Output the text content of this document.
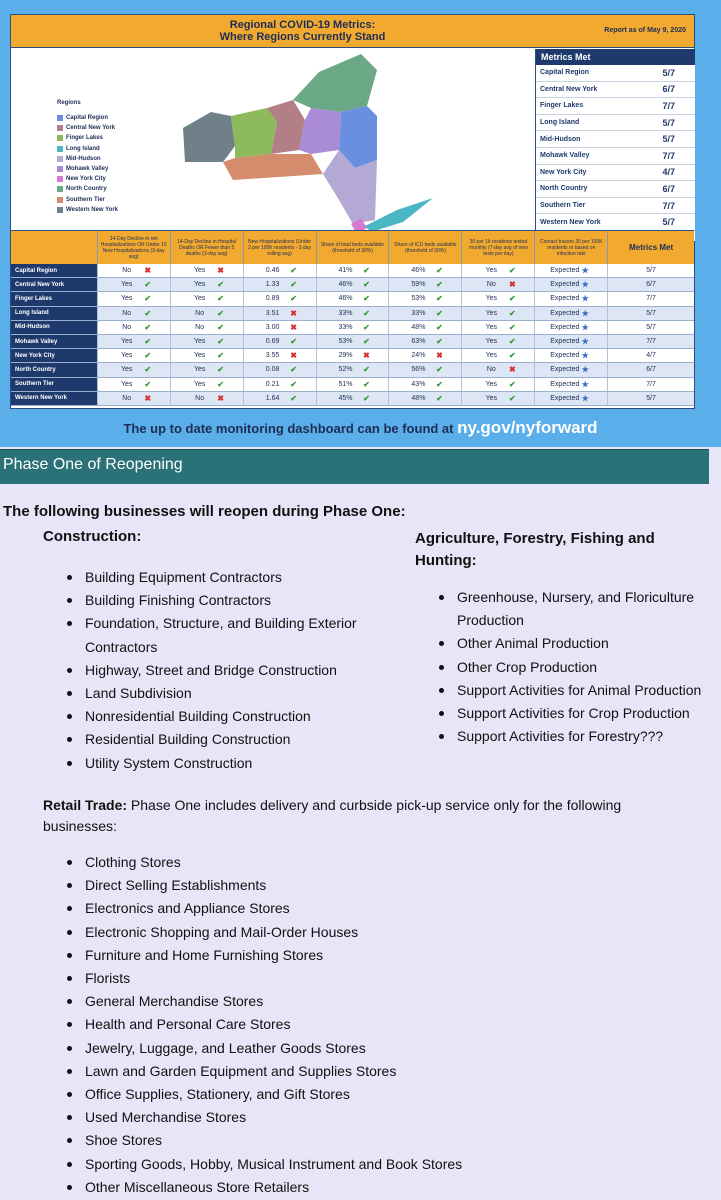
Regional COVID-19 Metrics:
Where Regions Currently Stand
Report as of May 9, 2020
Regions
Capital Region
Central New York
Finger Lakes
Long Island
Mid-Hudson
Mohawk Valley
New York City
North Country
Southern Tier
Western New York
Metrics Met
Capital Region	5/7
Central New York	6/7
Finger Lakes	7/7
Long Island	5/7
Mid-Hudson	5/7
Mohawk Valley	7/7
New York City	4/7
North Country	6/7
Southern Tier	7/7
Western New York	5/7
14-Day Decline in net Hospitalizations OR Under 15 New Hospitalizations (3-day avg)
14-Day Decline in Hospital Deaths OR Fewer than 5 deaths (3-day avg)
New Hospitalizations (Under 2 per 100K residents - 3 day rolling avg)
Share of total beds available (threshold of 30%)
Share of ICU beds available (threshold of 30%)
30 per 1k residents tested monthly (7-day avg of new tests per day)
Contact tracers 30 per 100K residents or based on infection rate
Metrics Met
Capital Region	No	✖	Yes	✖	0.46	✔	41%	✔	46%	✔	Yes	✔	Expected ★	5/7
Central New York	Yes	✔	Yes	✔	1.33	✔	46%	✔	59%	✔	No	✖	Expected ★	6/7
Finger Lakes	Yes	✔	Yes	✔	0.89	✔	46%	✔	53%	✔	Yes	✔	Expected ★	7/7
Long Island	No	✔	No	✔	3.51	✖	33%	✔	33%	✔	Yes	✔	Expected ★	5/7
Mid-Hudson	No	✔	No	✔	3.00	✖	33%	✔	48%	✔	Yes	✔	Expected ★	5/7
Mohawk Valley	Yes	✔	Yes	✔	0.69	✔	53%	✔	63%	✔	Yes	✔	Expected ★	7/7
New York City	Yes	✔	Yes	✔	3.55	✖	29%	✖	24%	✖	Yes	✔	Expected ★	4/7
North Country	Yes	✔	Yes	✔	0.08	✔	52%	✔	56%	✔	No	✖	Expected ★	6/7
Southern Tier	Yes	✔	Yes	✔	0.21	✔	51%	✔	43%	✔	Yes	✔	Expected ★	7/7
Western New York	No	✖	No	✖	1.64	✔	45%	✔	48%	✔	Yes	✔	Expected ★	5/7
The up to date monitoring dashboard can be found at ny.gov/nyforward
Phase One of Reopening
The following businesses will reopen during Phase One:
Construction:
Building Equipment Contractors
Building Finishing Contractors
Foundation, Structure, and Building Exterior Contractors
Highway, Street and Bridge Construction
Land Subdivision
Nonresidential Building Construction
Residential Building Construction
Utility System Construction
Agriculture, Forestry, Fishing and Hunting:
Greenhouse, Nursery, and Floriculture Production
Other Animal Production
Other Crop Production
Support Activities for Animal Production
Support Activities for Crop Production
Support Activities for Forestry???
Retail Trade: Phase One includes delivery and curbside pick-up service only for the following businesses:
Clothing Stores
Direct Selling Establishments
Electronics and Appliance Stores
Electronic Shopping and Mail-Order Houses
Furniture and Home Furnishing Stores
Florists
General Merchandise Stores
Health and Personal Care Stores
Jewelry, Luggage, and Leather Goods Stores
Lawn and Garden Equipment and Supplies Stores
Office Supplies, Stationery, and Gift Stores
Used Merchandise Stores
Shoe Stores
Sporting Goods, Hobby, Musical Instrument and Book Stores
Other Miscellaneous Store Retailers
